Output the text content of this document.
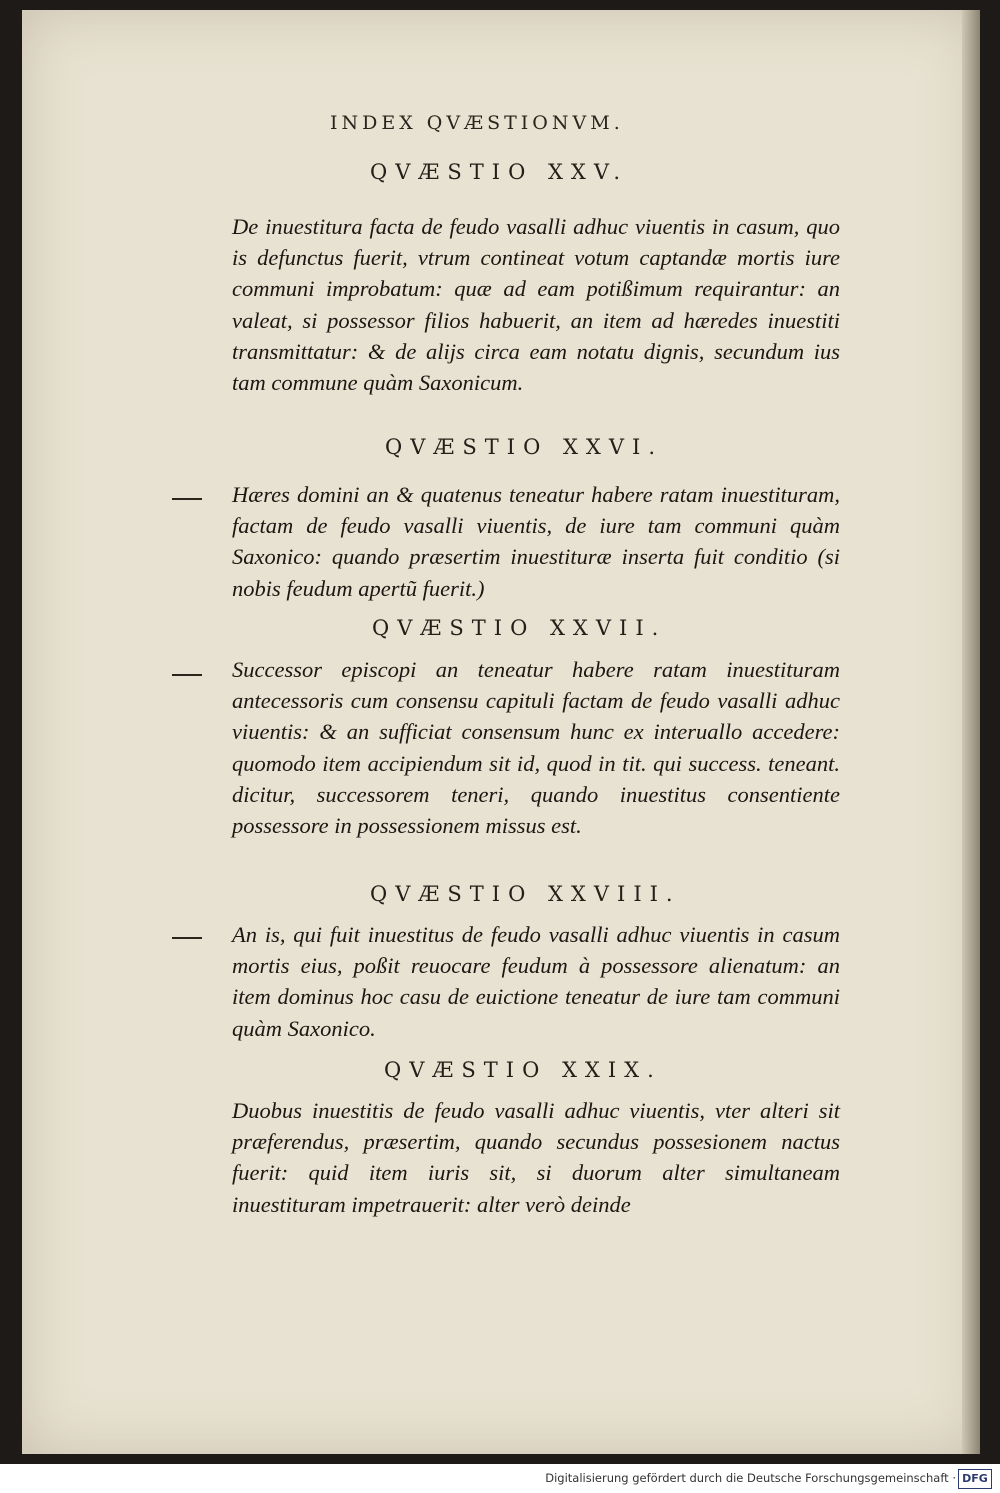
INDEX QVÆSTIONVM.
QVÆSTIO XXV.
De inuestitura facta de feudo vasalli adhuc viuentis in casum, quo is defunctus fuerit, vtrum contineat votum captandæ mortis iure communi improbatum: quæ ad eam potißimum requirantur: an valeat, si possessor filios habuerit, an item ad hæredes inuestiti transmittatur: & de alijs circa eam notatu dignis, secundum ius tam commune quàm Saxonicum.
QVÆSTIO XXVI.
Hæres domini an & quatenus teneatur habere ratam inuestituram, factam de feudo vasalli viuentis, de iure tam communi quàm Saxonico: quando præsertim inuestituræ inserta fuit conditio (si nobis feudum apertũ fuerit.)
QVÆSTIO XXVII.
Successor episcopi an teneatur habere ratam inuestituram antecessoris cum consensu capituli factam de feudo vasalli adhuc viuentis: & an sufficiat consensum hunc ex interuallo accedere: quomodo item accipiendum sit id, quod in tit. qui success. teneant. dicitur, successorem teneri, quando inuestitus consentiente possessore in possessionem missus est.
QVÆSTIO XXVIII.
An is, qui fuit inuestitus de feudo vasalli adhuc viuentis in casum mortis eius, poßit reuocare feudum à possessore alienatum: an item dominus hoc casu de euictione teneatur de iure tam communi quàm Saxonico.
QVÆSTIO XXIX.
Duobus inuestitis de feudo vasalli adhuc viuentis, vter alteri sit præferendus, præsertim, quando secundus possesionem nactus fuerit: quid item iuris sit, si duorum alter simultaneam inuestituram impetrauerit: alter verò deinde
Digitalisierung gefördert durch die Deutsche Forschungsgemeinschaft · DFG
